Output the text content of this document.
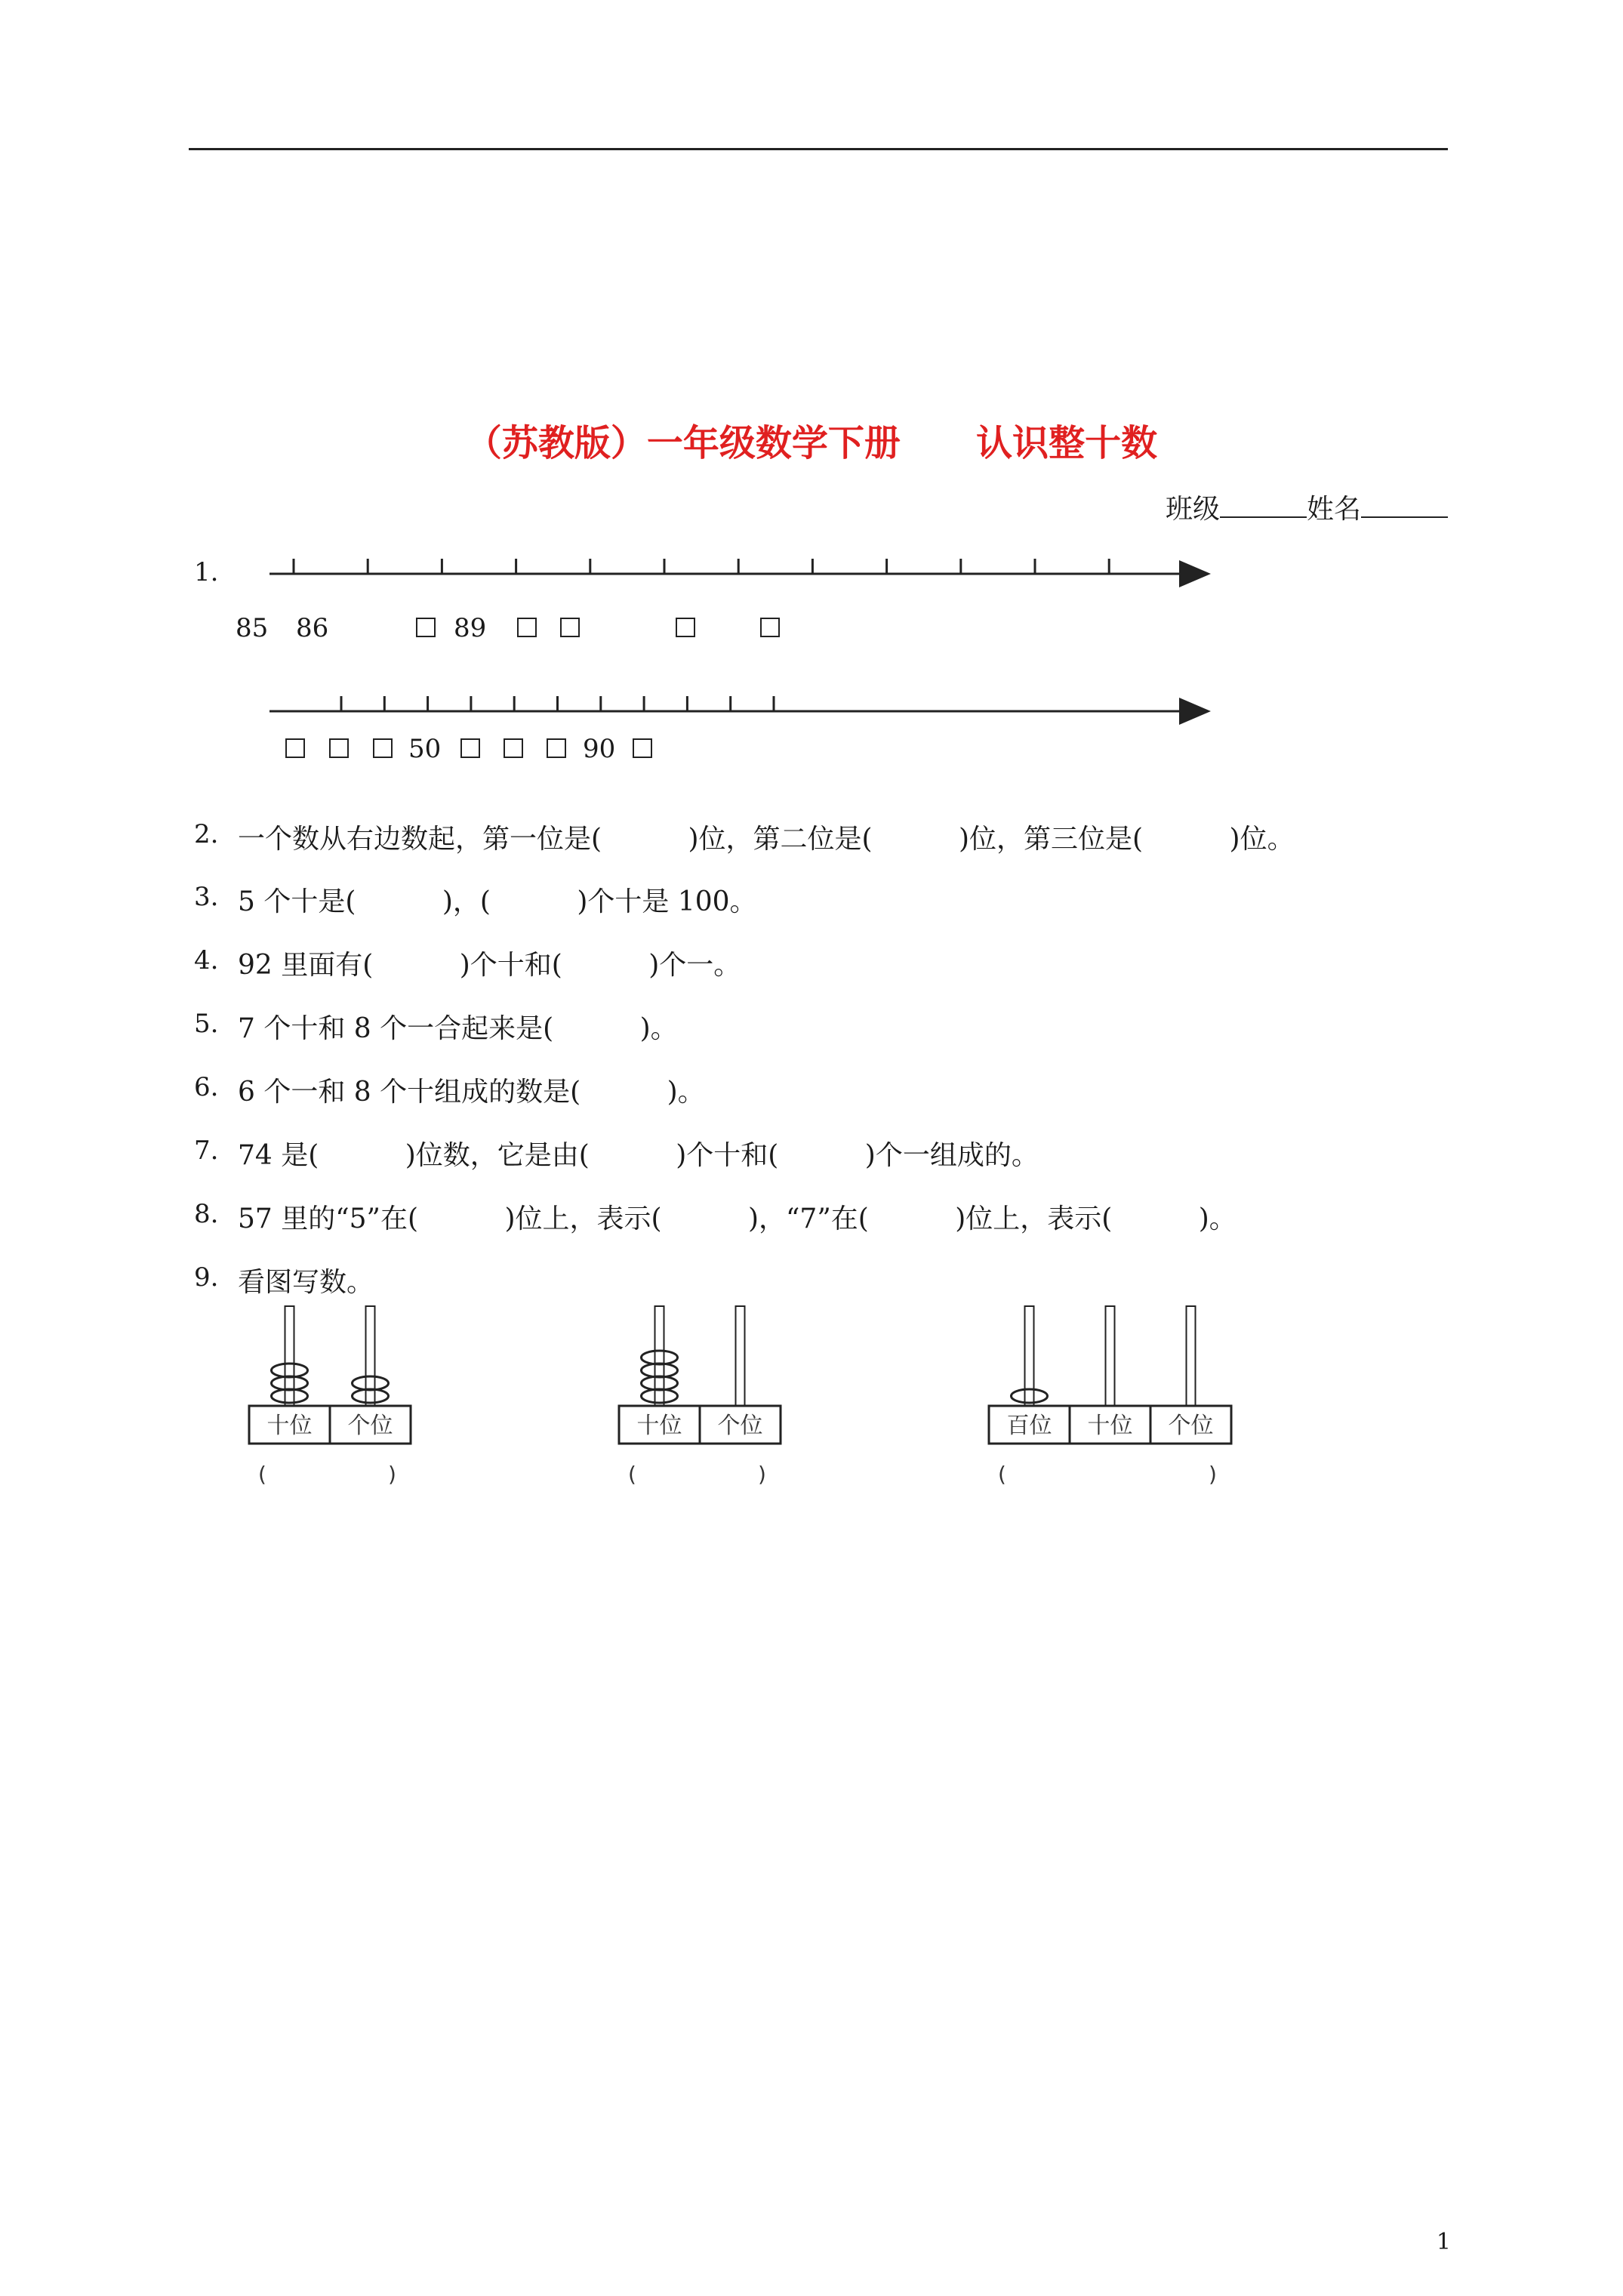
（苏教版）一年级数学下册      认识整十数
班级	姓名
1.
85 86	89
50	90
2. 一个数从右边数起，第一位是(          )位，第二位是(          )位，第三位是(          )位。
3. 5 个十是(          )，(          )个十是 100。
4. 92 里面有(          )个十和(          )个一。
5. 7 个十和 8 个一合起来是(          )。
6. 6 个一和 8 个十组成的数是(          )。
7. 74 是(          )位数，它是由(          )个十和(          )个一组成的。
8. 57 里的“5”在(          )位上，表示(          )，“7”在(          )位上，表示(          )。
9. 看图写数。
十位 个位
(	)
十位 个位
(	)
百位 十位 个位
(	)
1
